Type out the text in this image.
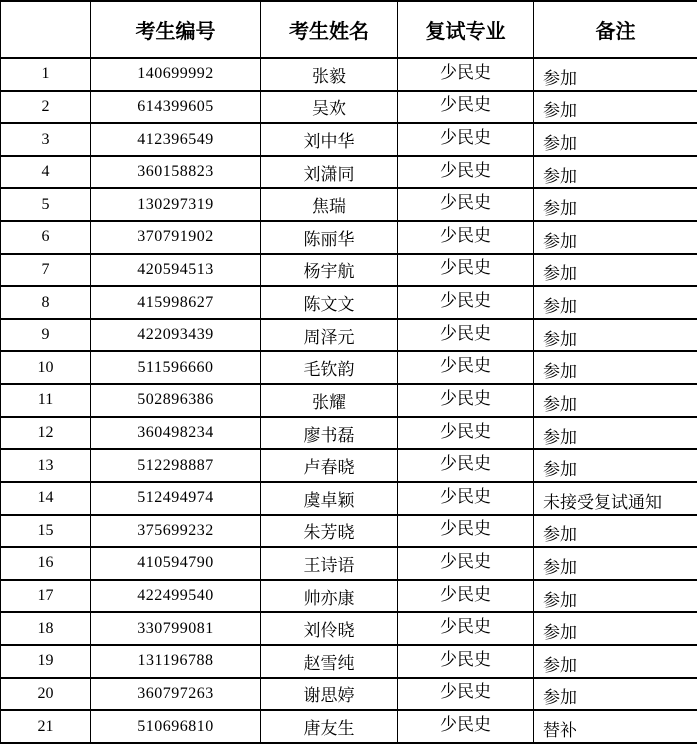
	考生编号	考生姓名	复试专业	备注
1	140699992	张毅	少民史	参加
2	614399605	吴欢	少民史	参加
3	412396549	刘中华	少民史	参加
4	360158823	刘潇同	少民史	参加
5	130297319	焦瑞	少民史	参加
6	370791902	陈丽华	少民史	参加
7	420594513	杨宇航	少民史	参加
8	415998627	陈文文	少民史	参加
9	422093439	周泽元	少民史	参加
10	511596660	毛钦韵	少民史	参加
11	502896386	张耀	少民史	参加
12	360498234	廖书磊	少民史	参加
13	512298887	卢春晓	少民史	参加
14	512494974	虞卓颖	少民史	未接受复试通知
15	375699232	朱芳晓	少民史	参加
16	410594790	王诗语	少民史	参加
17	422499540	帅亦康	少民史	参加
18	330799081	刘伶晓	少民史	参加
19	131196788	赵雪纯	少民史	参加
20	360797263	谢思婷	少民史	参加
21	510696810	唐友生	少民史	替补
